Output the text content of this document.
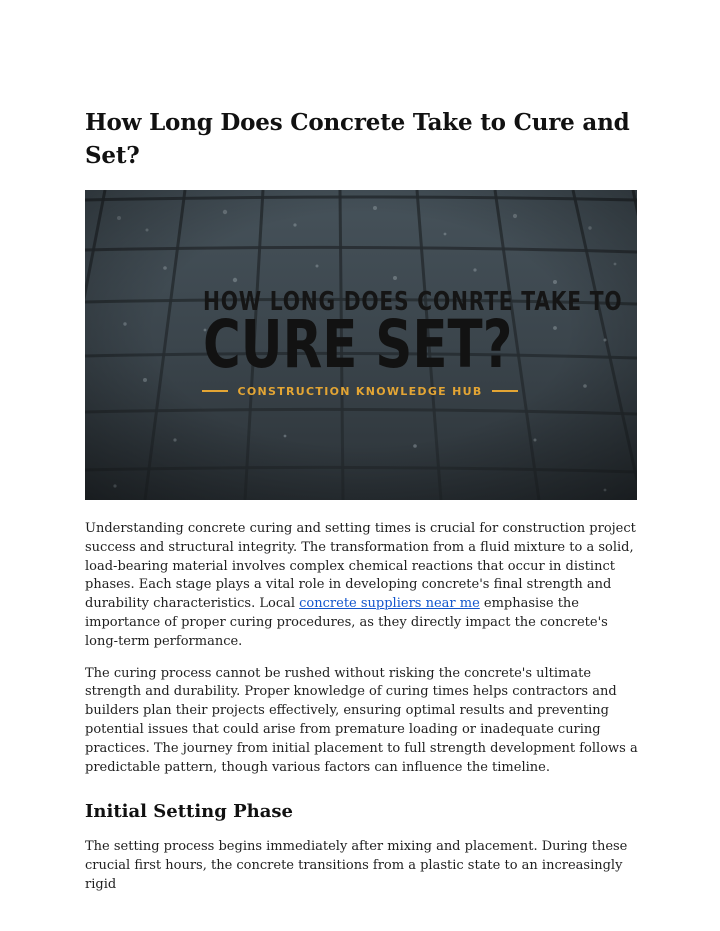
How Long Does Concrete Take to Cure and Set?
HOW LONG DOES CONRTE TAKE TO
CURE SET?
CONSTRUCTION KNOWLEDGE HUB

Understanding concrete curing and setting times is crucial for construction project success and structural integrity. The transformation from a fluid mixture to a solid, load-bearing material involves complex chemical reactions that occur in distinct phases. Each stage plays a vital role in developing concrete's final strength and durability characteristics. Local concrete suppliers near me emphasise the importance of proper curing procedures, as they directly impact the concrete's long-term performance.

The curing process cannot be rushed without risking the concrete's ultimate strength and durability. Proper knowledge of curing times helps contractors and builders plan their projects effectively, ensuring optimal results and preventing potential issues that could arise from premature loading or inadequate curing practices. The journey from initial placement to full strength development follows a predictable pattern, though various factors can influence the timeline.

Initial Setting Phase

The setting process begins immediately after mixing and placement. During these crucial first hours, the concrete transitions from a plastic state to an increasingly rigid
